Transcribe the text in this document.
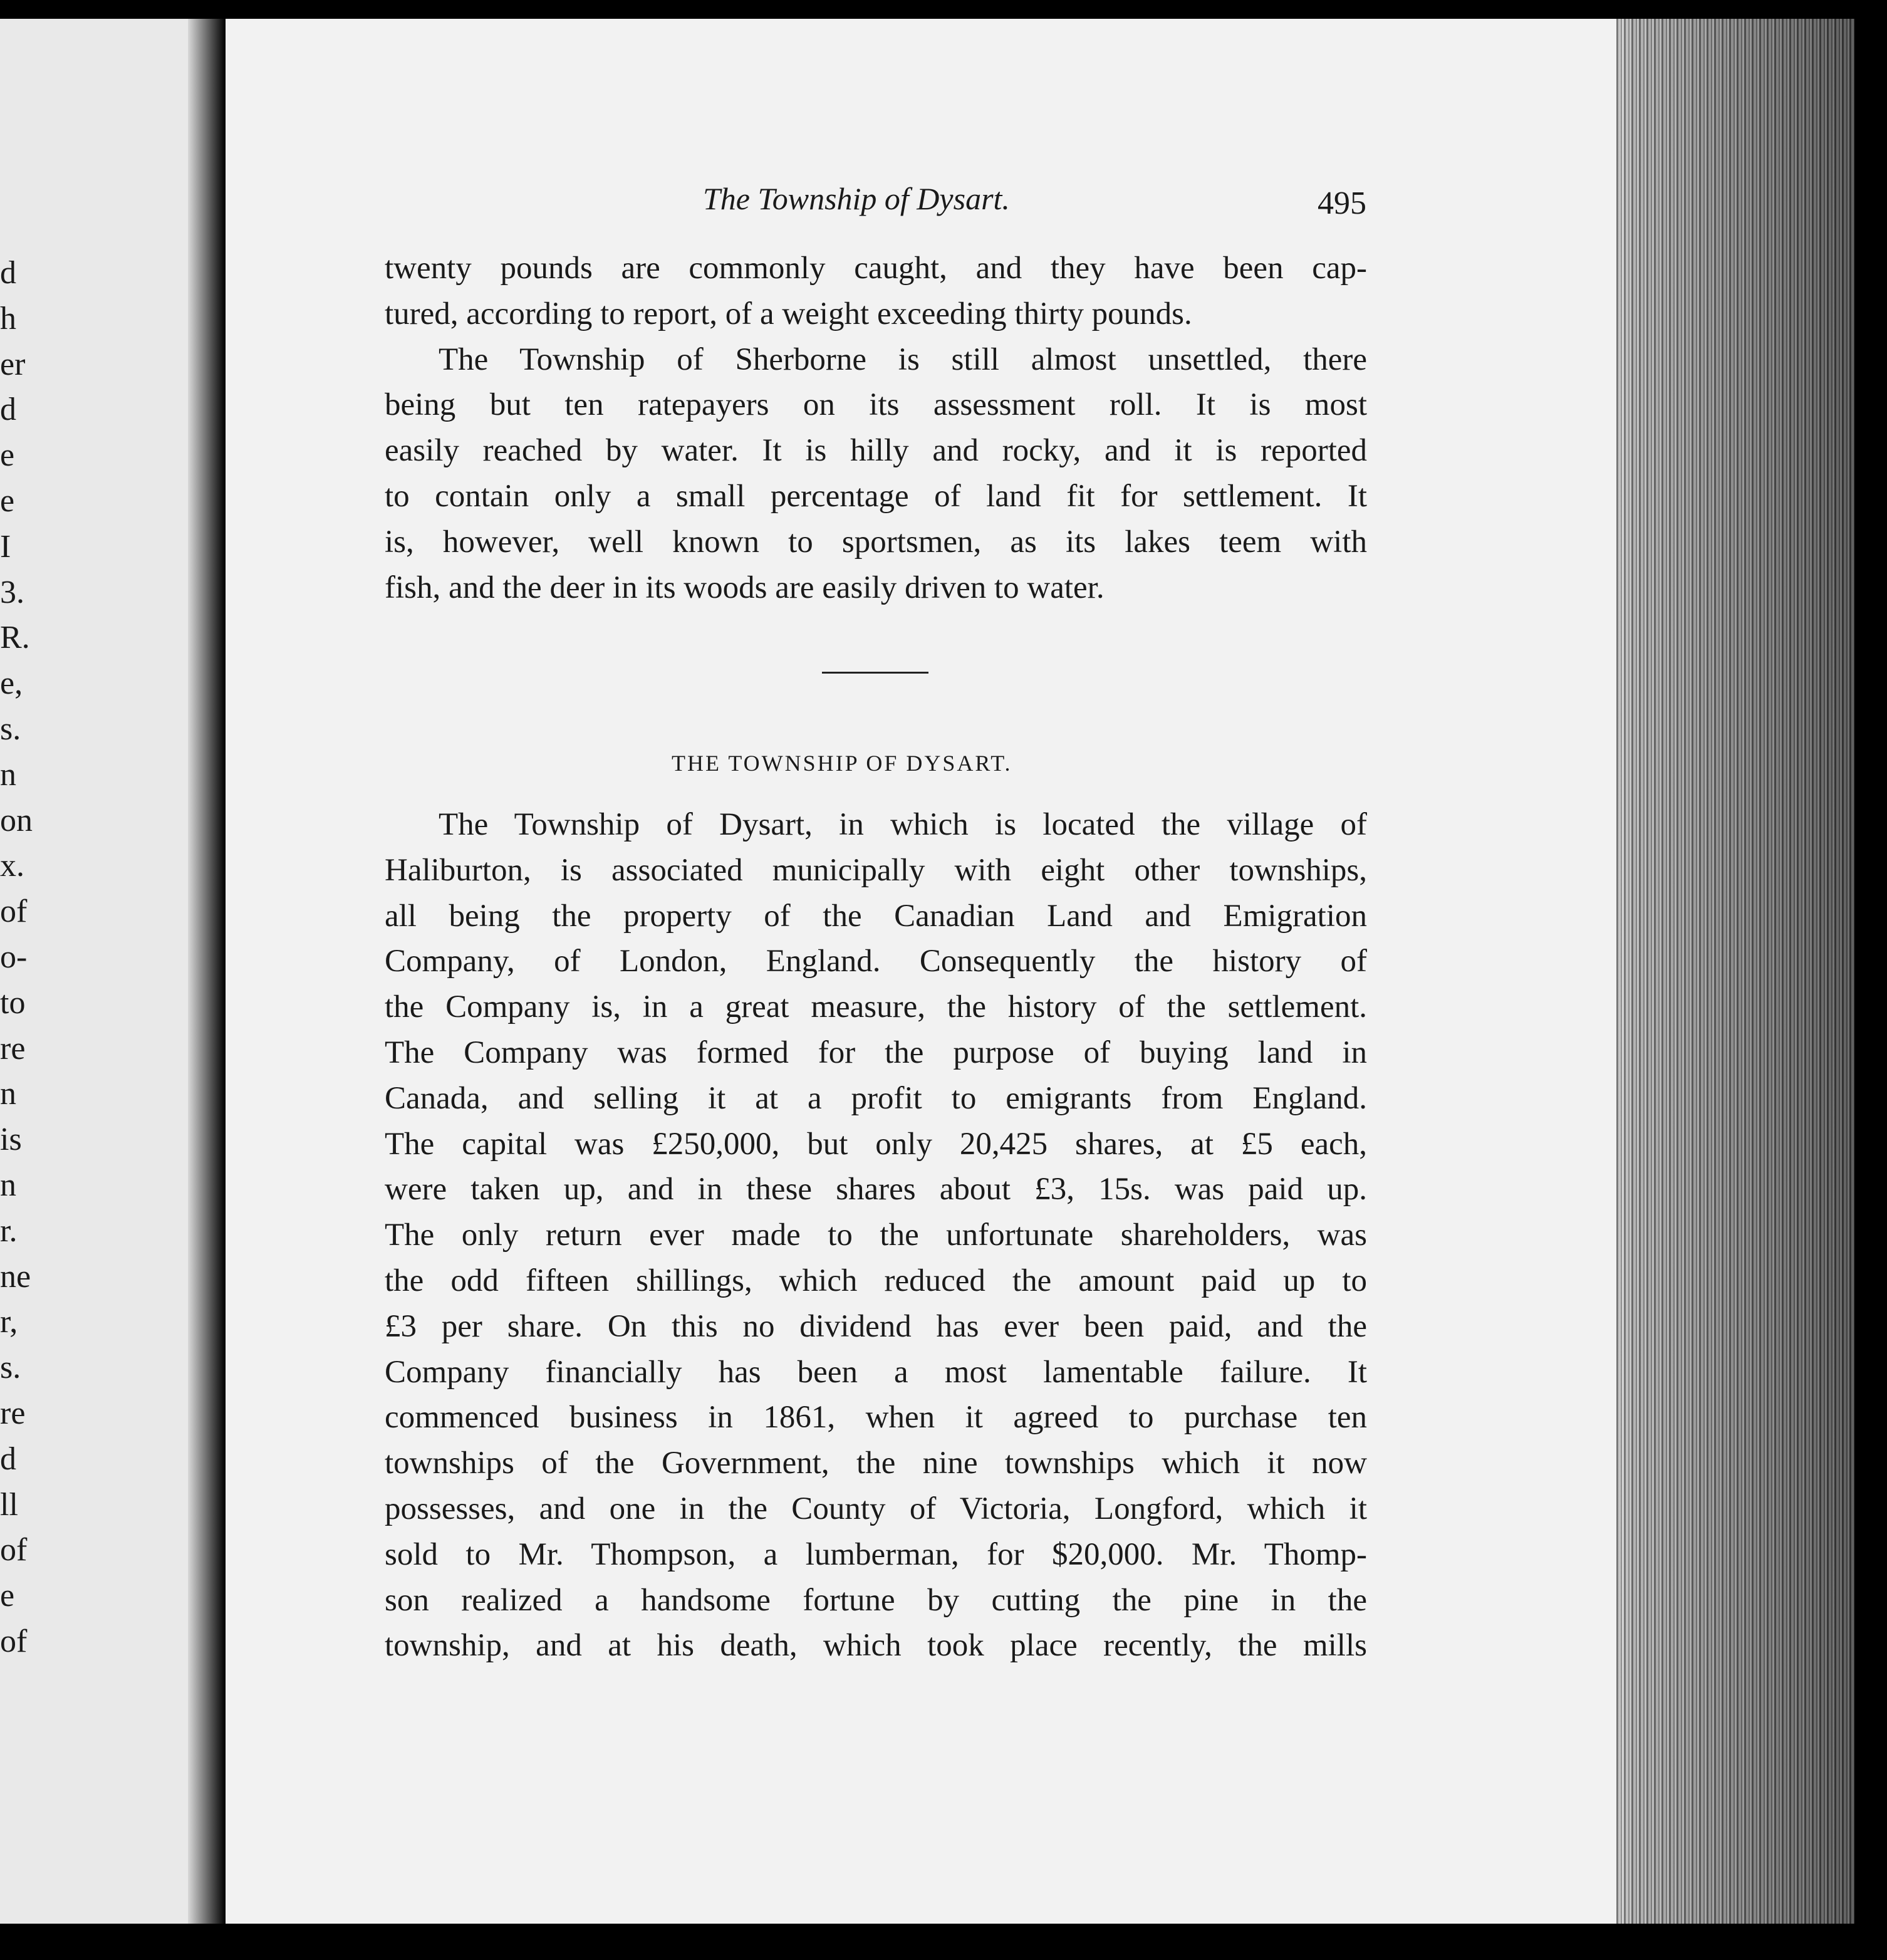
d
h
er
d
e
e
I
3.
R.
e,
s.
n
on
x.
of
o-
to
re
n
is
n
r.
ne
r,
s.
re
d
ll
of
e
of
The Township of Dysart.	495
twenty pounds are commonly caught, and they have been cap-
tured, according to report, of a weight exceeding thirty pounds.
The Township of Sherborne is still almost unsettled, there
being but ten ratepayers on its assessment roll. It is most
easily reached by water. It is hilly and rocky, and it is reported
to contain only a small percentage of land fit for settlement. It
is, however, well known to sportsmen, as its lakes teem with
fish, and the deer in its woods are easily driven to water.
THE TOWNSHIP OF DYSART.
The Township of Dysart, in which is located the village of
Haliburton, is associated municipally with eight other townships,
all being the property of the Canadian Land and Emigration
Company, of London, England. Consequently the history of
the Company is, in a great measure, the history of the settlement.
The Company was formed for the purpose of buying land in
Canada, and selling it at a profit to emigrants from England.
The capital was £250,000, but only 20,425 shares, at £5 each,
were taken up, and in these shares about £3, 15s. was paid up.
The only return ever made to the unfortunate shareholders, was
the odd fifteen shillings, which reduced the amount paid up to
£3 per share. On this no dividend has ever been paid, and the
Company financially has been a most lamentable failure. It
commenced business in 1861, when it agreed to purchase ten
townships of the Government, the nine townships which it now
possesses, and one in the County of Victoria, Longford, which it
sold to Mr. Thompson, a lumberman, for $20,000. Mr. Thomp-
son realized a handsome fortune by cutting the pine in the
township, and at his death, which took place recently, the mills
